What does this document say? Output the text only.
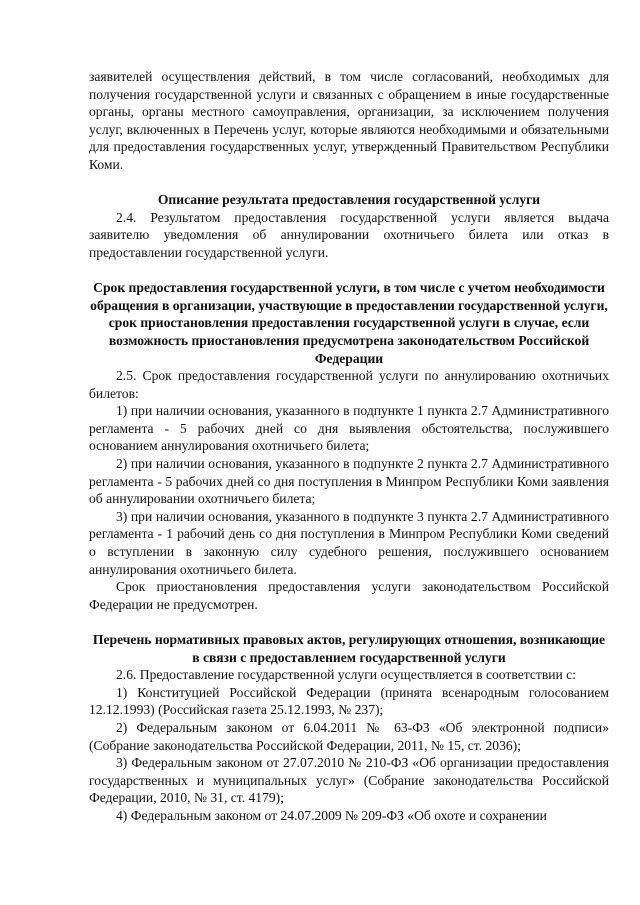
заявителей осуществления действий, в том числе согласований, необходимых для получения государственной услуги и связанных с обращением в иные государственные органы, органы местного самоуправления, организации, за исключением получения услуг, включенных в Перечень услуг, которые являются необходимыми и обязательными для предоставления государственных услуг, утвержденный Правительством Республики Коми.

Описание результата предоставления государственной услуги

2.4. Результатом предоставления государственной услуги является выдача заявителю уведомления об аннулировании охотничьего билета или отказ в предоставлении государственной услуги.

Срок предоставления государственной услуги, в том числе с учетом необходимости обращения в организации, участвующие в предоставлении государственной услуги, срок приостановления предоставления государственной услуги в случае, если возможность приостановления предусмотрена законодательством Российской Федерации

2.5. Срок предоставления государственной услуги по аннулированию охотничьих билетов:

1) при наличии основания, указанного в подпункте 1 пункта 2.7 Административного регламента - 5 рабочих дней со дня выявления обстоятельства, послужившего основанием аннулирования охотничьего билета;

2) при наличии основания, указанного в подпункте 2 пункта 2.7 Административного регламента - 5 рабочих дней со дня поступления в Минпром Республики Коми заявления об аннулировании охотничьего билета;

3) при наличии основания, указанного в подпункте 3 пункта 2.7 Административного регламента - 1 рабочий день со дня поступления в Минпром Республики Коми сведений о вступлении в законную силу судебного решения, послужившего основанием аннулирования охотничьего билета.

Срок приостановления предоставления услуги законодательством Российской Федерации не предусмотрен.

Перечень нормативных правовых актов, регулирующих отношения, возникающие в связи с предоставлением государственной услуги

2.6. Предоставление государственной услуги осуществляется в соответствии с:

1) Конституцией Российской Федерации (принята всенародным голосованием 12.12.1993) (Российская газета 25.12.1993, № 237);

2) Федеральным законом от 6.04.2011 № 63-ФЗ «Об электронной подписи» (Собрание законодательства Российской Федерации, 2011, № 15, ст. 2036);

3) Федеральным законом от 27.07.2010 № 210-ФЗ «Об организации предоставления государственных и муниципальных услуг» (Собрание законодательства Российской Федерации, 2010, № 31, ст. 4179);

4) Федеральным законом от 24.07.2009 № 209-ФЗ «Об охоте и сохранении
